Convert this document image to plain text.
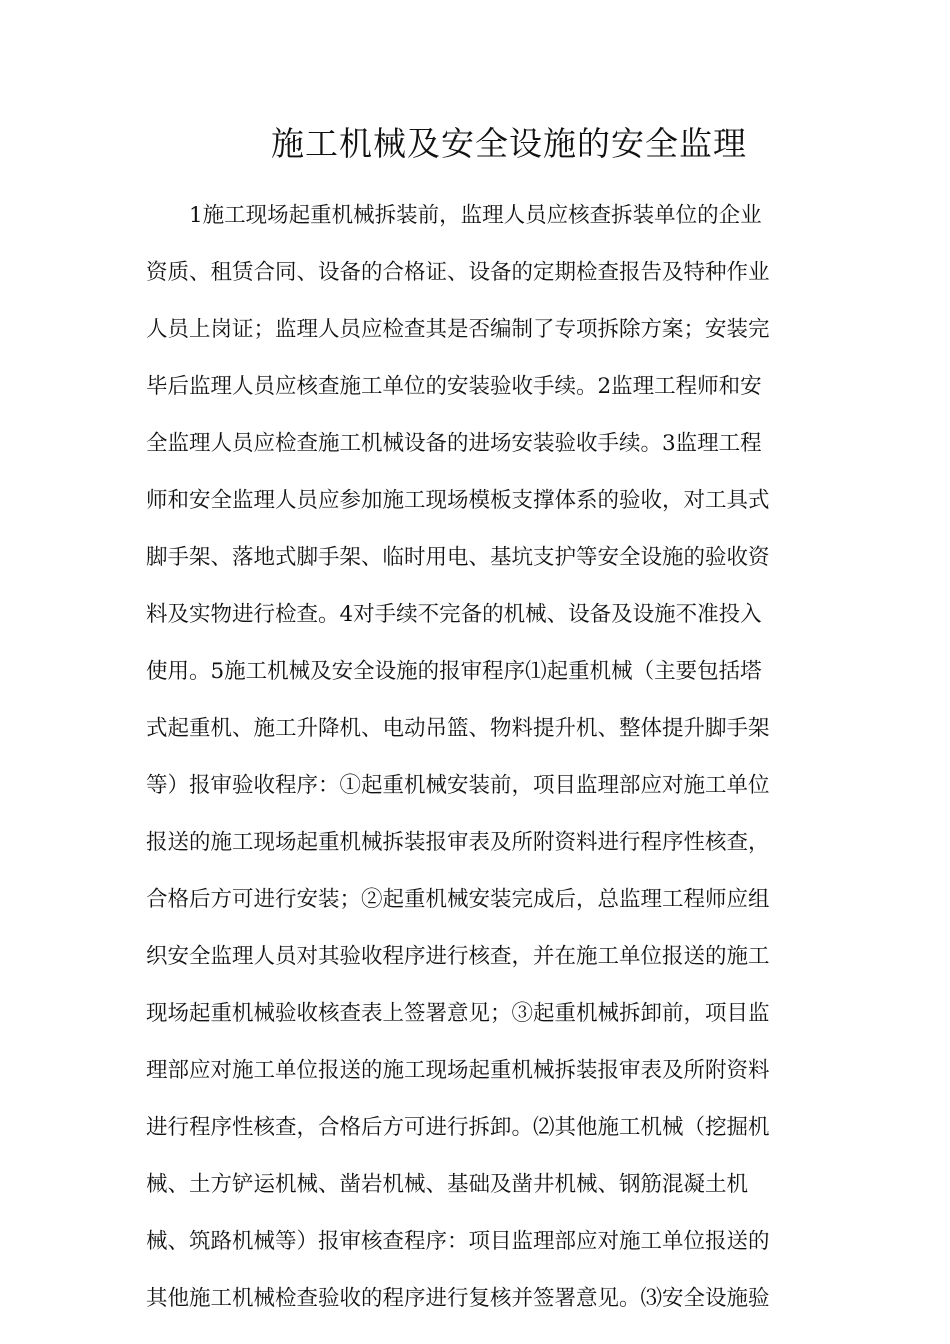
施工机械及安全设施的安全监理
1施工现场起重机械拆装前，监理人员应核查拆装单位的企业
资质、租赁合同、设备的合格证、设备的定期检查报告及特种作业
人员上岗证；监理人员应检查其是否编制了专项拆除方案；安装完
毕后监理人员应核查施工单位的安装验收手续。2监理工程师和安
全监理人员应检查施工机械设备的进场安装验收手续。3监理工程
师和安全监理人员应参加施工现场模板支撑体系的验收，对工具式
脚手架、落地式脚手架、临时用电、基坑支护等安全设施的验收资
料及实物进行检查。4对手续不完备的机械、设备及设施不准投入
使用。5施工机械及安全设施的报审程序⑴起重机械（主要包括塔
式起重机、施工升降机、电动吊篮、物料提升机、整体提升脚手架
等）报审验收程序：①起重机械安装前，项目监理部应对施工单位
报送的施工现场起重机械拆装报审表及所附资料进行程序性核查，
合格后方可进行安装；②起重机械安装完成后，总监理工程师应组
织安全监理人员对其验收程序进行核查，并在施工单位报送的施工
现场起重机械验收核查表上签署意见；③起重机械拆卸前，项目监
理部应对施工单位报送的施工现场起重机械拆装报审表及所附资料
进行程序性核查，合格后方可进行拆卸。⑵其他施工机械（挖掘机
械、土方铲运机械、凿岩机械、基础及凿井机械、钢筋混凝土机
械、筑路机械等）报审核查程序：项目监理部应对施工单位报送的
其他施工机械检查验收的程序进行复核并签署意见。⑶安全设施验
